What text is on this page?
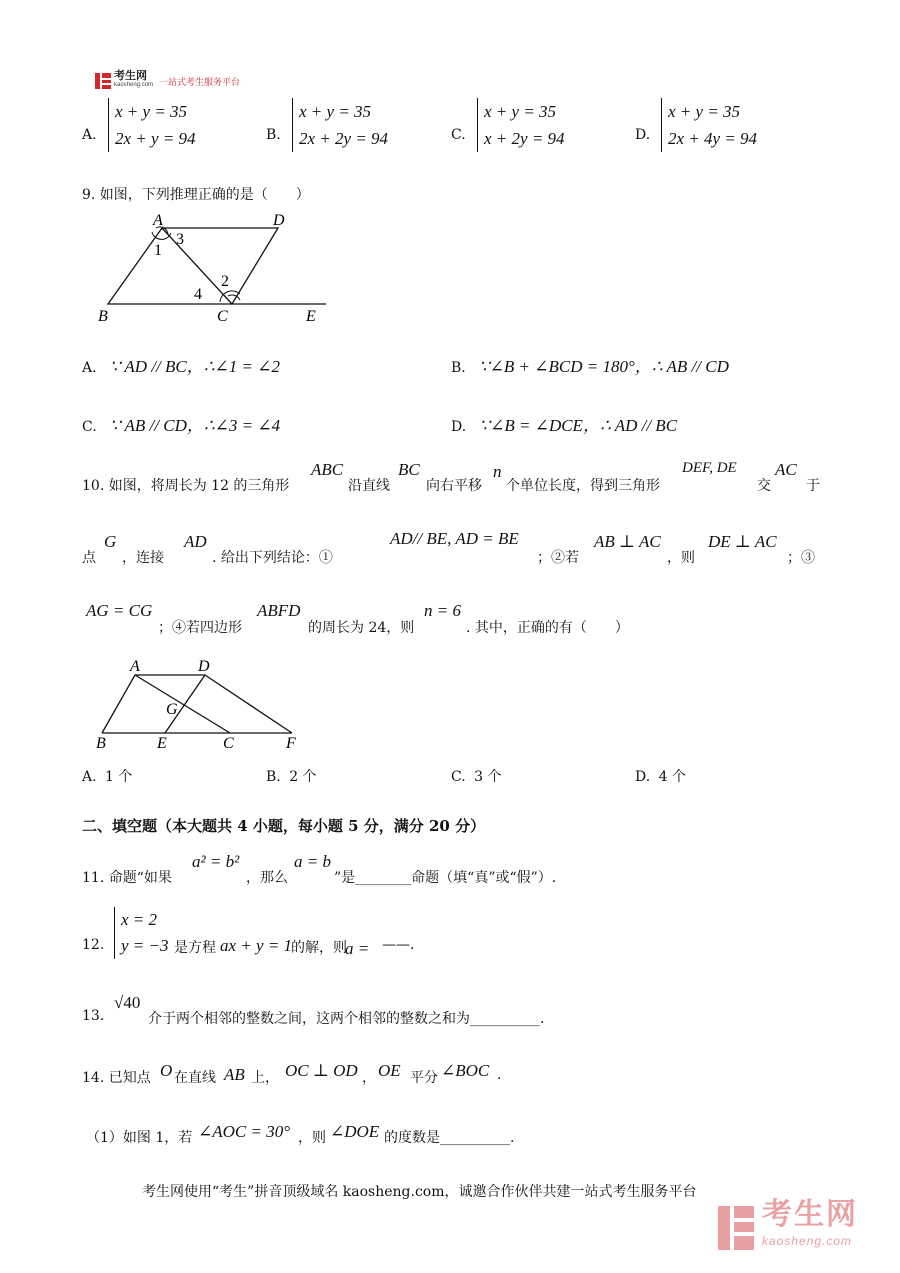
考生网
kaosheng.com 一站式考生服务平台
A.
x + y = 35
2x + y = 94	B.
x + y = 35
2x + 2y = 94	C.
x + y = 35
x + 2y = 94	D.
x + y = 35
2x + 4y = 94
9. 如图，下列推理正确的是（　　）
A	D
B	C	E
1
2
3
4
A. ∵ AD // BC，∴∠1 = ∠2	B. ∵∠B + ∠BCD = 180°，∴ AB // CD
C. ∵ AB // CD，∴∠3 = ∠4	D. ∵∠B = ∠DCE，∴ AD // BC
10. 如图，将周长为 12 的三角形
ABC
沿直线
BC
向右平移
n
个单位长度，得到三角形
DEF, DE
交
AC
于
点
G
，连接
AD
. 给出下列结论：①
AD// BE, AD = BE
；②若
AB ⊥ AC
，则
DE ⊥ AC
；③
AG = CG
；④若四边形
ABFD
的周长为 24，则
n = 6
. 其中，正确的有（　　）
A	D
G
B	E	C	F
A. 1 个	B. 2 个	C. 3 个	D. 4 个
二、填空题（本大题共 4 小题，每小题 5 分，满分 20 分）
11. 命题“如果
a² = b²
，那么
a = b
”是________命题（填“真”或“假”）.
12.
x = 2
y = −3 是方程 ax + y = 1
的解，则
a = ——.
13.
√40
介于两个相邻的整数之间，这两个相邻的整数之和为__________.
14. 已知点 O 在直线 AB 上， OC ⊥ OD ， OE 平分 ∠BOC .
（1）如图 1，若 ∠AOC = 30° ，则 ∠DOE 的度数是__________.
考生网使用“考生”拼音顶级域名 kaosheng.com，诚邀合作伙伴共建一站式考生服务平台
考生网
kaosheng.com
